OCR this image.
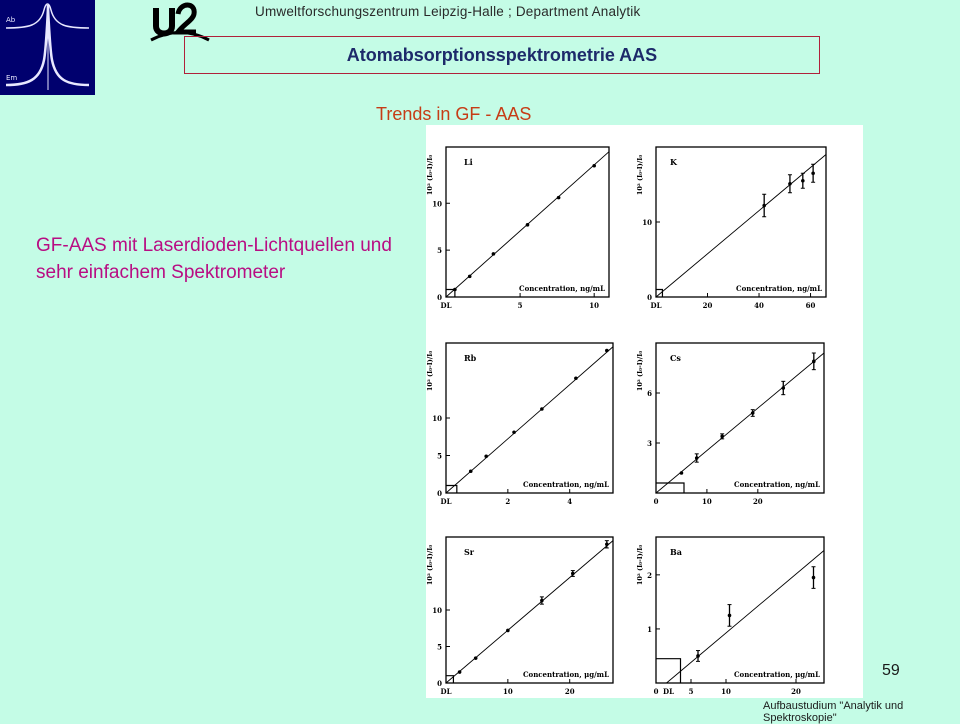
Ab
Em
Umweltforschungszentrum Leipzig-Halle ; Department Analytik
Atomabsorptionsspektrometrie AAS
Trends in GF - AAS
GF-AAS mit Laserdioden-Lichtquellen und sehr einfachem Spektrometer
0
5
10
DL	5	10
10² (I₀-I)/I₀
Concentration, ng/mL
Li
0
10
DL	20	40	60
10² (I₀-I)/I₀
Concentration, ng/mL
K
0
5
10
DL	2	4
10² (I₀-I)/I₀
Concentration, ng/mL
Rb
3
6
0	10	20
10² (I₀-I)/I₀
Concentration, ng/mL
Cs
0
5
10
DL	10	20
10² (I₀-I)/I₀
Concentration, μg/mL
Sr
1
2
0	5	10	20
10² (I₀-I)/I₀
Concentration, μg/mL
Ba
DL
59
Aufbaustudium "Analytik und Spektroskopie"
